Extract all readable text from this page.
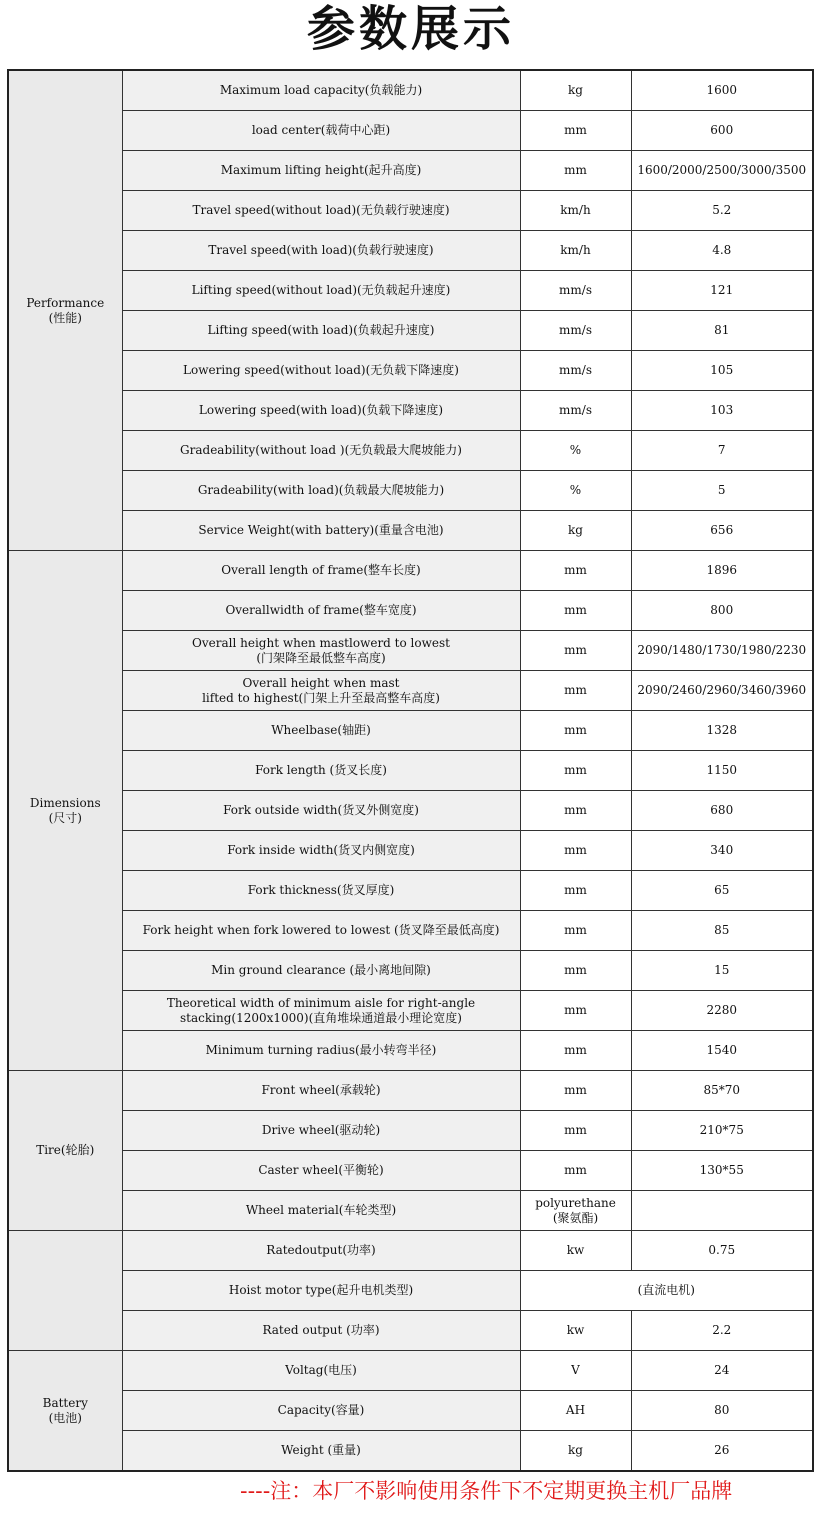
参数展示
Performance
(性能)	Maximum load capacity(负载能力)	kg	1600
	load center(载荷中心距)	mm	600
	Maximum lifting height(起升高度)	mm	1600/2000/2500/3000/3500
	Travel speed(without load)(无负载行驶速度)	km/h	5.2
	Travel speed(with load)(负载行驶速度)	km/h	4.8
	Lifting speed(without load)(无负载起升速度)	mm/s	121
	Lifting speed(with load)(负载起升速度)	mm/s	81
	Lowering speed(without load)(无负载下降速度)	mm/s	105
	Lowering speed(with load)(负载下降速度)	mm/s	103
	Gradeability(without load )(无负载最大爬坡能力)	%	7
	Gradeability(with load)(负载最大爬坡能力)	%	5
	Service Weight(with battery)(重量含电池)	kg	656
Dimensions
(尺寸)	Overall length of frame(整车长度)	mm	1896
	Overallwidth of frame(整车宽度)	mm	800
	Overall height when mastlowerd to lowest
(门架降至最低整车高度)	mm	2090/1480/1730/1980/2230
	Overall height when mast
lifted to highest(门架上升至最高整车高度)	mm	2090/2460/2960/3460/3960
	Wheelbase(轴距)	mm	1328
	Fork length (货叉长度)	mm	1150
	Fork outside width(货叉外侧宽度)	mm	680
	Fork inside width(货叉内侧宽度)	mm	340
	Fork thickness(货叉厚度)	mm	65
	Fork height when fork lowered to lowest (货叉降至最低高度)	mm	85
	Min ground clearance (最小离地间隙)	mm	15
	Theoretical width of minimum aisle for right-angle
stacking(1200x1000)(直角堆垛通道最小理论宽度)	mm	2280
	Minimum turning radius(最小转弯半径)	mm	1540
Tire(轮胎)	Front wheel(承载轮)	mm	85*70
	Drive wheel(驱动轮)	mm	210*75
	Caster wheel(平衡轮)	mm	130*55
	Wheel material(车轮类型)	polyurethane
(聚氨酯)	
	Ratedoutput(功率)	kw	0.75
	Hoist motor type(起升电机类型)	(直流电机)	
	Rated output (功率)	kw	2.2
Battery
(电池)	Voltag(电压)	V	24
	Capacity(容量)	AH	80
	Weight (重量)	kg	26
----注：本厂不影响使用条件下不定期更换主机厂品牌
